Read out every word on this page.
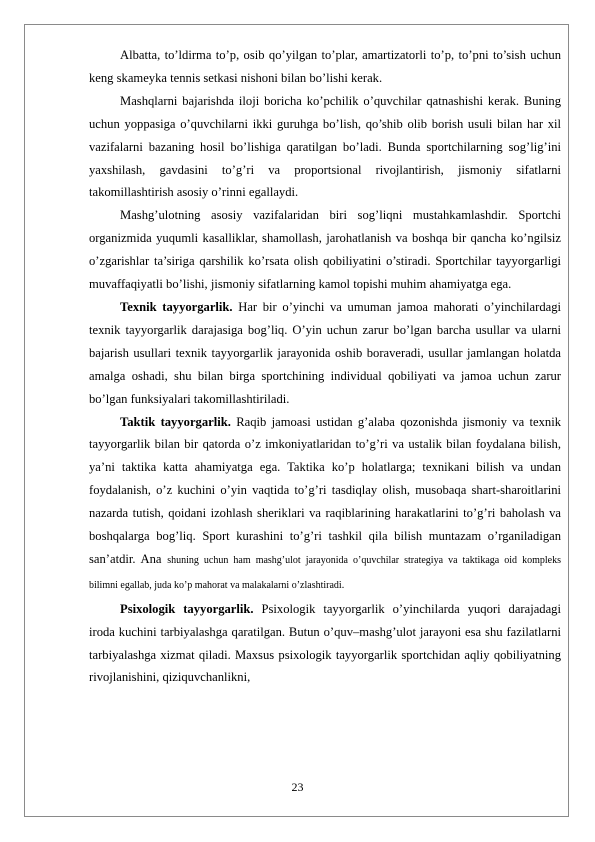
Albatta, to’ldirma to’p, osib qo’yilgan to’plar, amartizatorli to’p, to’pni to’sish uchun keng skameyka tennis setkasi nishoni bilan bo’lishi kerak.

Mashqlarni bajarishda iloji boricha ko’pchilik o’quvchilar qatnashishi kerak. Buning uchun yoppasiga o’quvchilarni ikki guruhga bo’lish, qo’shib olib borish usuli bilan har xil vazifalarni bazaning hosil bo’lishiga qaratilgan bo’ladi. Bunda sportchilarning sog’lig’ini yaxshilash, gavdasini to’g’ri va proportsional rivojlantirish, jismoniy sifatlarni takomillashtirish asosiy o’rinni egallaydi.

Mashg’ulotning asosiy vazifalaridan biri sog’liqni mustahkamlashdir. Sportchi organizmida yuqumli kasalliklar, shamollash, jarohatlanish va boshqa bir qancha ko’ngilsiz o’zgarishlar ta’siriga qarshilik ko’rsata olish qobiliyatini o’stiradi. Sportchilar tayyorgarligi muvaffaqiyatli bo’lishi, jismoniy sifatlarning kamol topishi muhim ahamiyatga ega.

Texnik tayyorgarlik. Har bir o’yinchi va umuman jamoa mahorati o’yinchilardagi texnik tayyorgarlik darajasiga bog’liq. O’yin uchun zarur bo’lgan barcha usullar va ularni bajarish usullari texnik tayyorgarlik jarayonida oshib boraveradi, usullar jamlangan holatda amalga oshadi, shu bilan birga sportchining individual qobiliyati va jamoa uchun zarur bo’lgan funksiyalari takomillashtiriladi.

Taktik tayyorgarlik. Raqib jamoasi ustidan g’alaba qozonishda jismoniy va texnik tayyorgarlik bilan bir qatorda o’z imkoniyatlaridan to’g’ri va ustalik bilan foydalana bilish, ya’ni taktika katta ahamiyatga ega. Taktika ko’p holatlarga; texnikani bilish va undan foydalanish, o’z kuchini o’yin vaqtida to’g’ri tasdiqlay olish, musobaqa shart-sharoitlarini nazarda tutish, qoidani izohlash sheriklari va raqiblarining harakatlarini to’g’ri baholash va boshqalarga bog’liq. Sport kurashini to’g’ri tashkil qila bilish muntazam o’rganiladigan san’atdir. Ana shuning uchun ham mashg’ulot jarayonida o’quvchilar strategiya va taktikaga oid kompleks bilimni egallab, juda ko’p mahorat va malakalarni o’zlashtiradi.

Psixologik tayyorgarlik. Psixologik tayyorgarlik o’yinchilarda yuqori darajadagi iroda kuchini tarbiyalashga qaratilgan. Butun o’quv–mashg’ulot jarayoni esa shu fazilatlarni tarbiyalashga xizmat qiladi. Maxsus psixologik tayyorgarlik sportchidan aqliy qobiliyatning rivojlanishini, qiziquvchanlikni,

23
